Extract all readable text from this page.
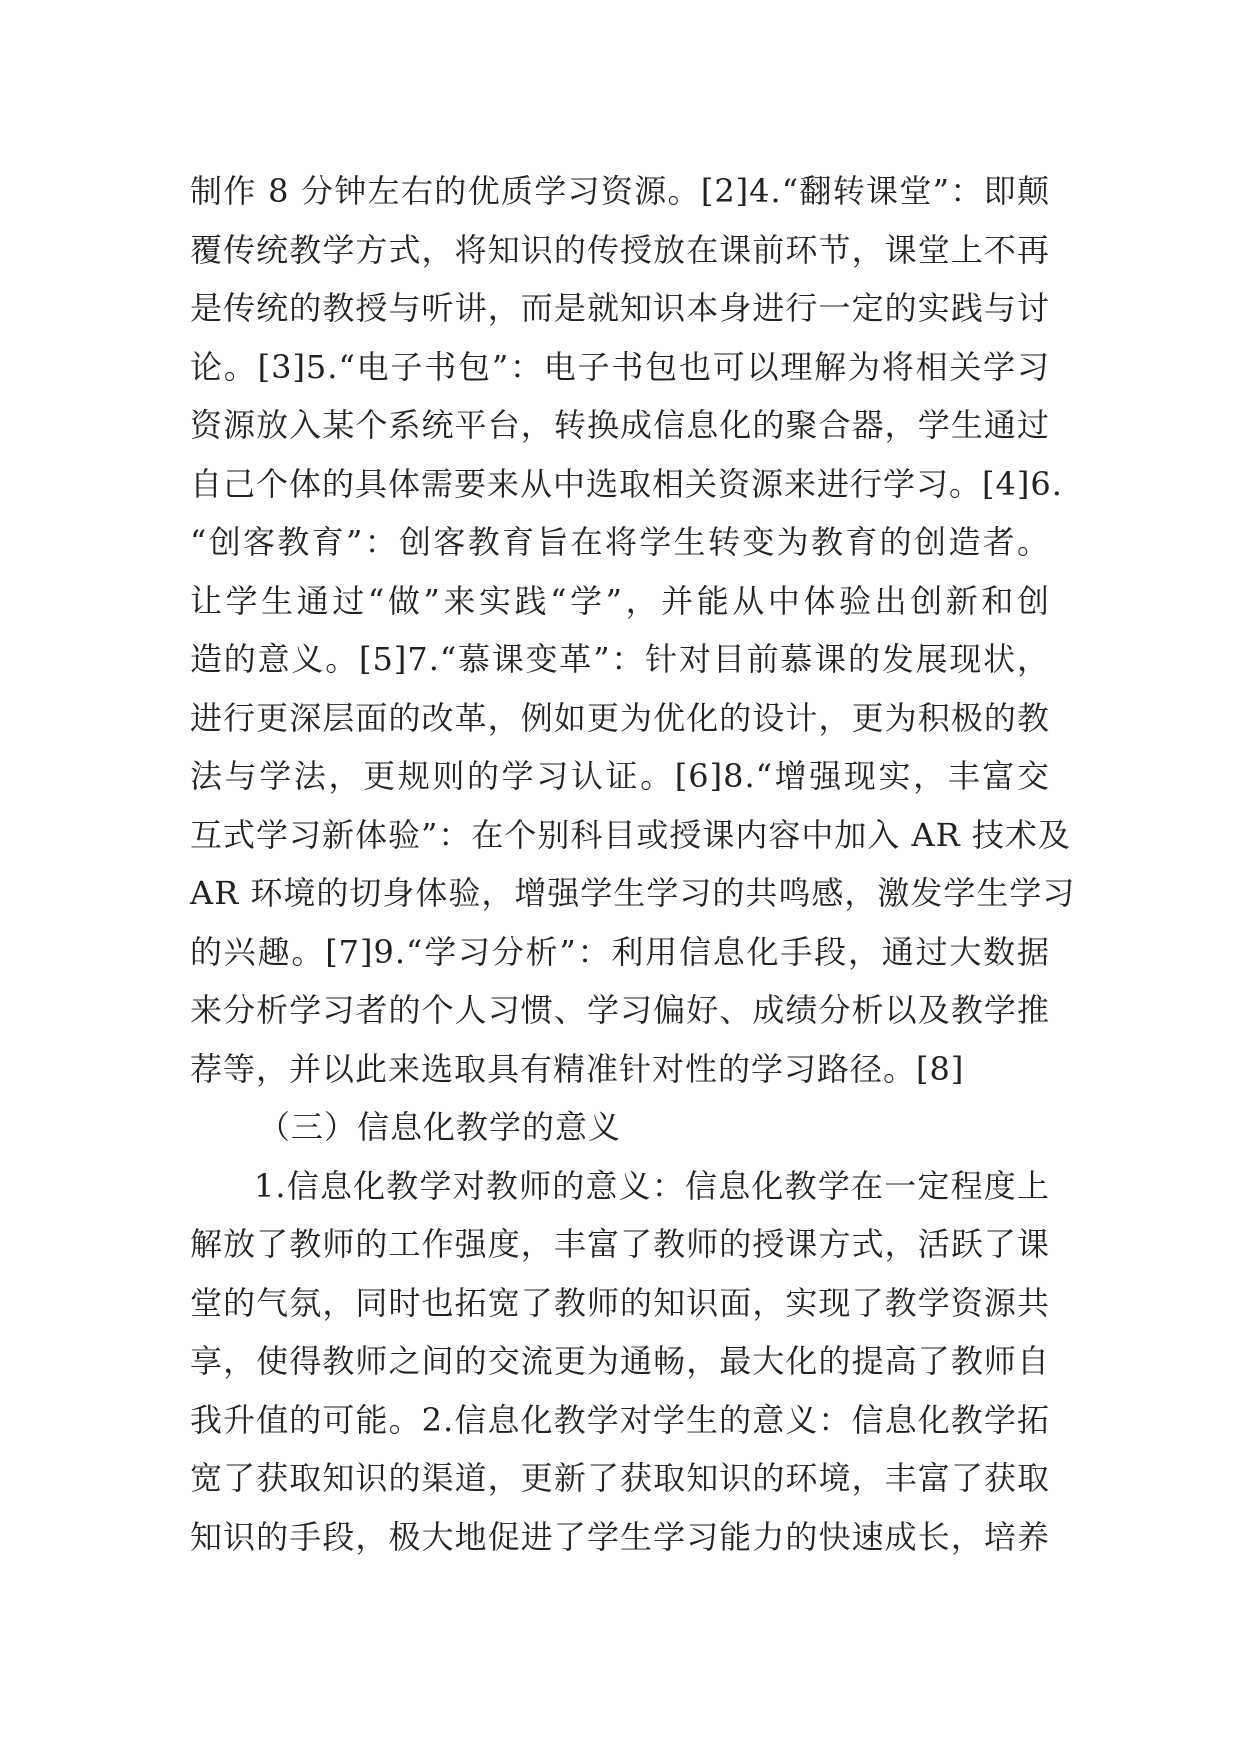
制作 8 分钟左右的优质学习资源。[2]4.“翻转课堂”：即颠
覆传统教学方式，将知识的传授放在课前环节，课堂上不再
是传统的教授与听讲，而是就知识本身进行一定的实践与讨
论。[3]5.“电子书包”：电子书包也可以理解为将相关学习
资源放入某个系统平台，转换成信息化的聚合器，学生通过
自己个体的具体需要来从中选取相关资源来进行学习。[4]6.
“创客教育”：创客教育旨在将学生转变为教育的创造者。
让学生通过“做”来实践“学”，并能从中体验出创新和创
造的意义。[5]7.“慕课变革”：针对目前慕课的发展现状，
进行更深层面的改革，例如更为优化的设计，更为积极的教
法与学法，更规则的学习认证。[6]8.“增强现实，丰富交
互式学习新体验”：在个别科目或授课内容中加入 AR 技术及
AR 环境的切身体验，增强学生学习的共鸣感，激发学生学习
的兴趣。[7]9.“学习分析”：利用信息化手段，通过大数据
来分析学习者的个人习惯、学习偏好、成绩分析以及教学推
荐等，并以此来选取具有精准针对性的学习路径。[8]
（三）信息化教学的意义
1.信息化教学对教师的意义：信息化教学在一定程度上
解放了教师的工作强度，丰富了教师的授课方式，活跃了课
堂的气氛，同时也拓宽了教师的知识面，实现了教学资源共
享，使得教师之间的交流更为通畅，最大化的提高了教师自
我升值的可能。2.信息化教学对学生的意义：信息化教学拓
宽了获取知识的渠道，更新了获取知识的环境，丰富了获取
知识的手段，极大地促进了学生学习能力的快速成长，培养
